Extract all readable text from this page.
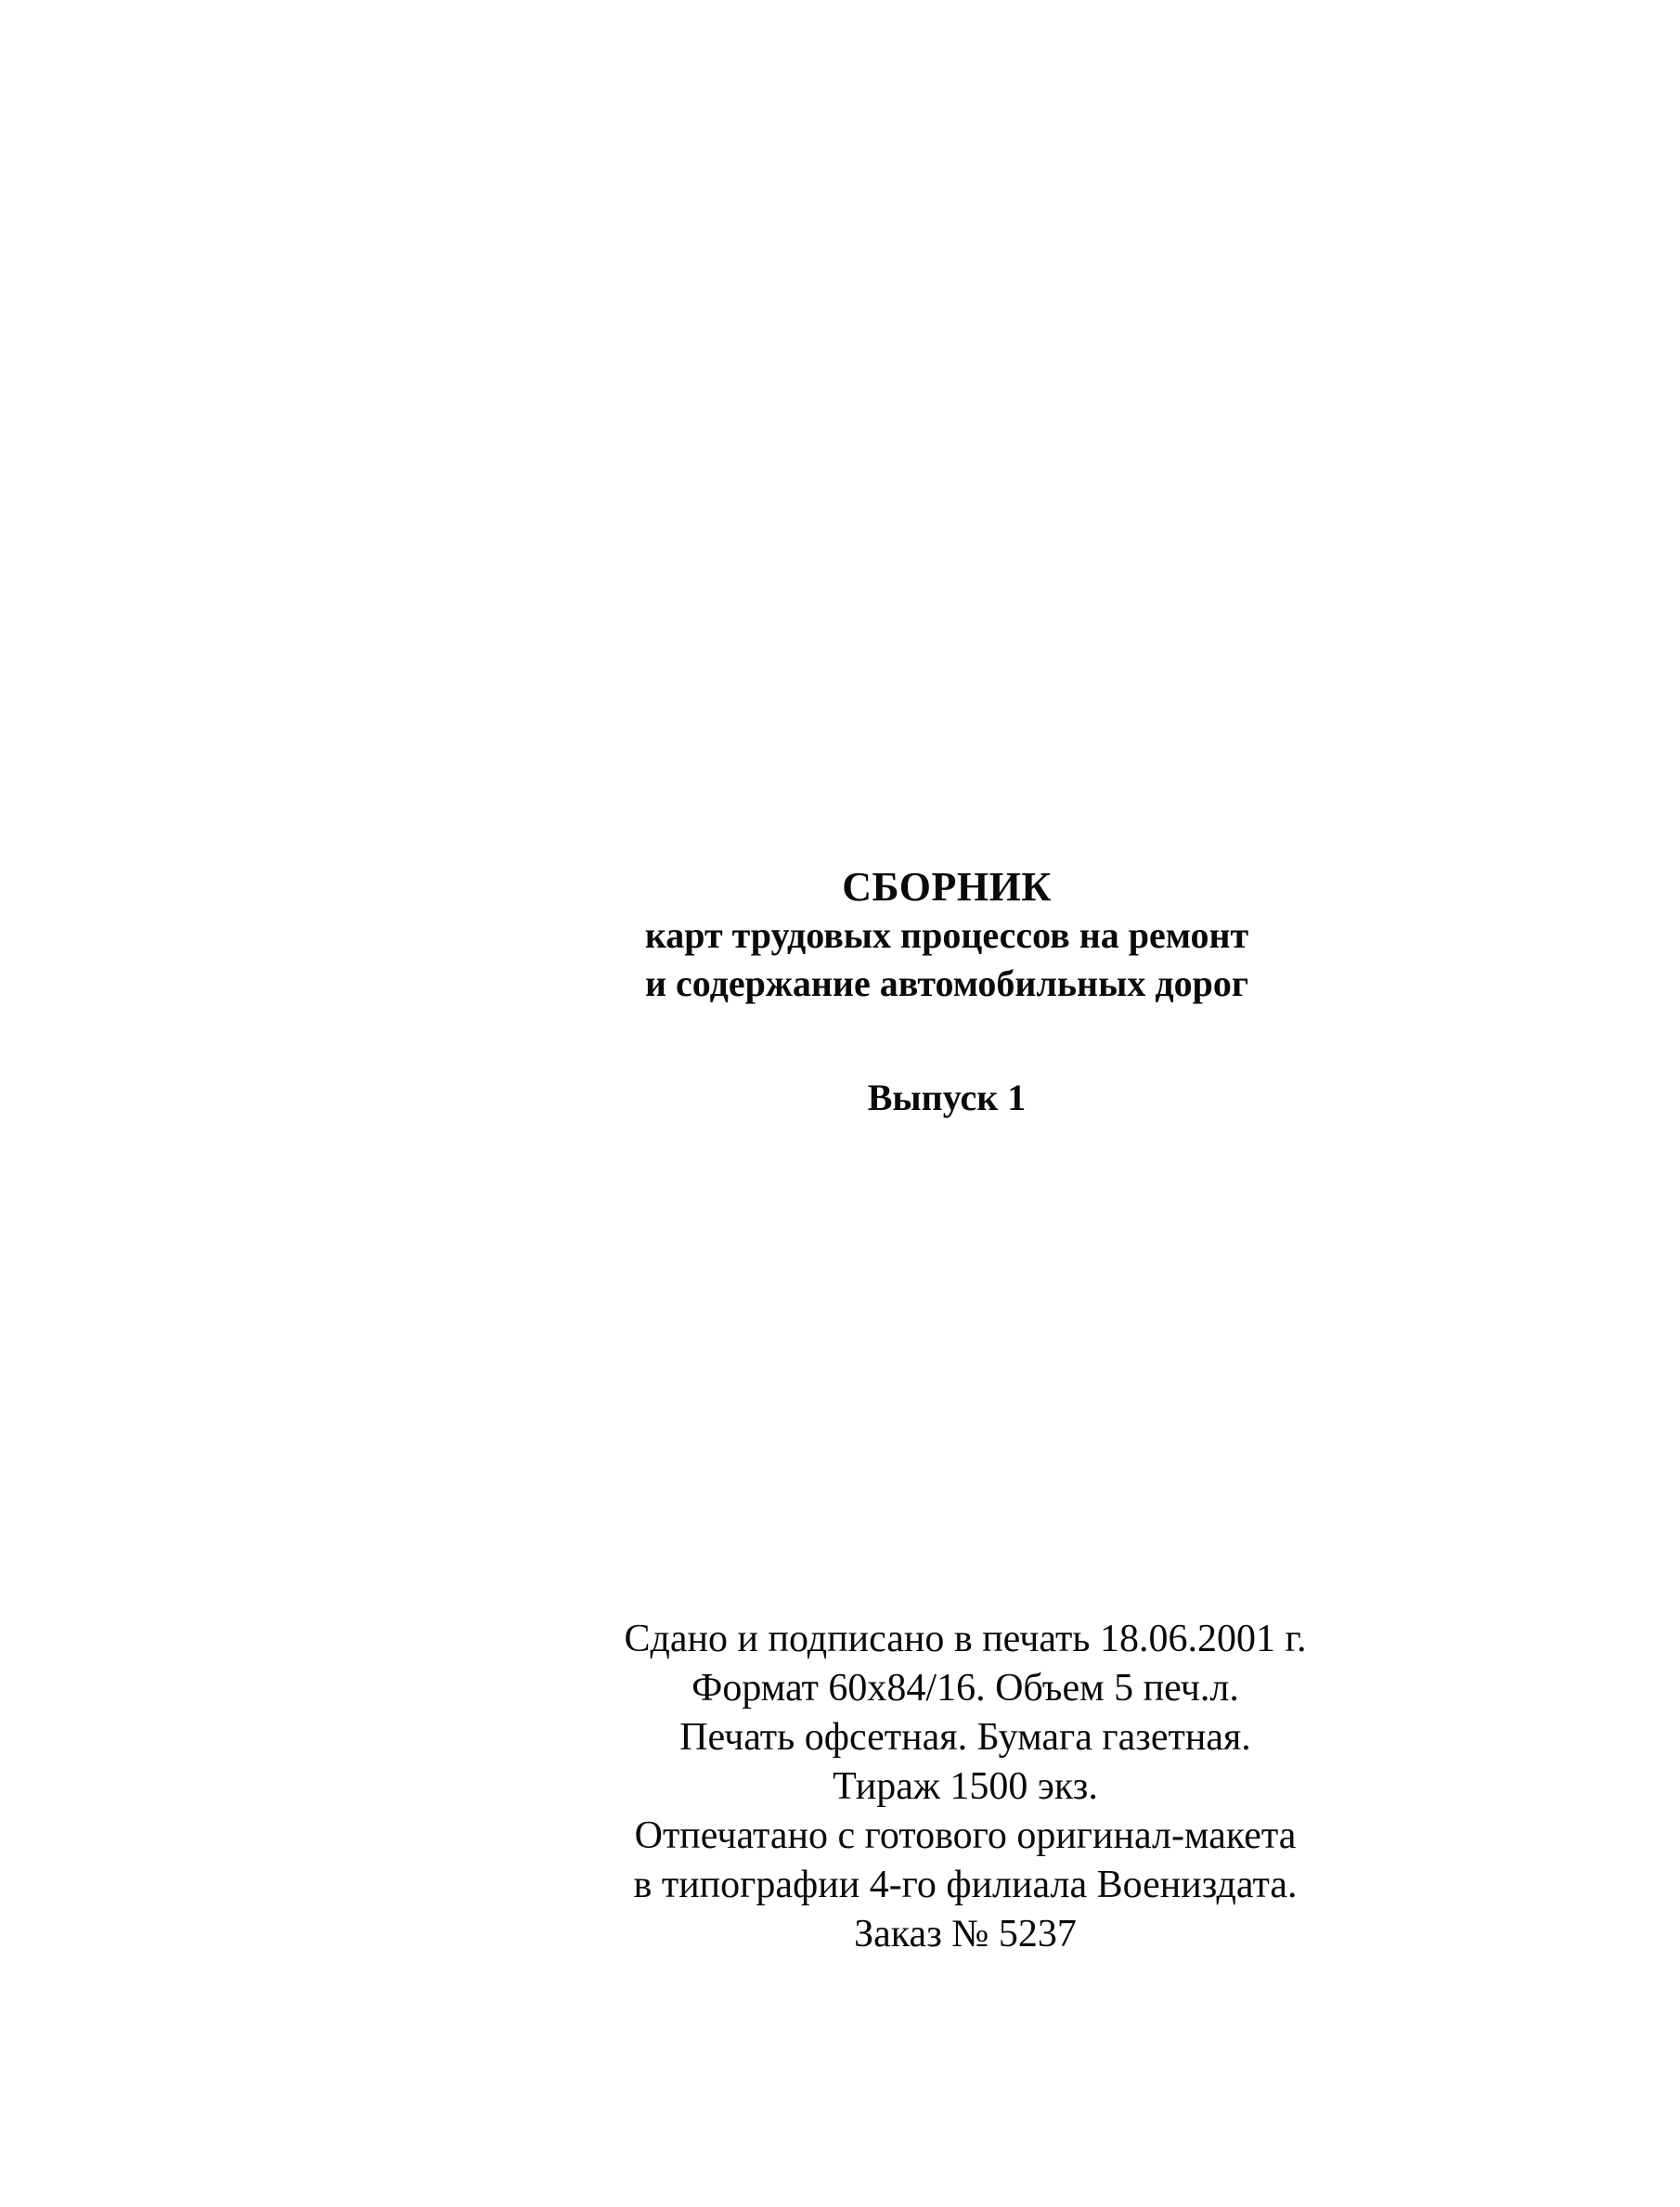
СБОРНИК
карт трудовых процессов на ремонт
и содержание автомобильных дорог
Выпуск 1
Сдано и подписано в печать 18.06.2001 г.
Формат 60х84/16. Объем 5 печ.л.
Печать офсетная. Бумага газетная.
Тираж 1500 экз.
Отпечатано с готового оригинал-макета
в типографии 4-го филиала Воениздата.
Заказ № 5237
